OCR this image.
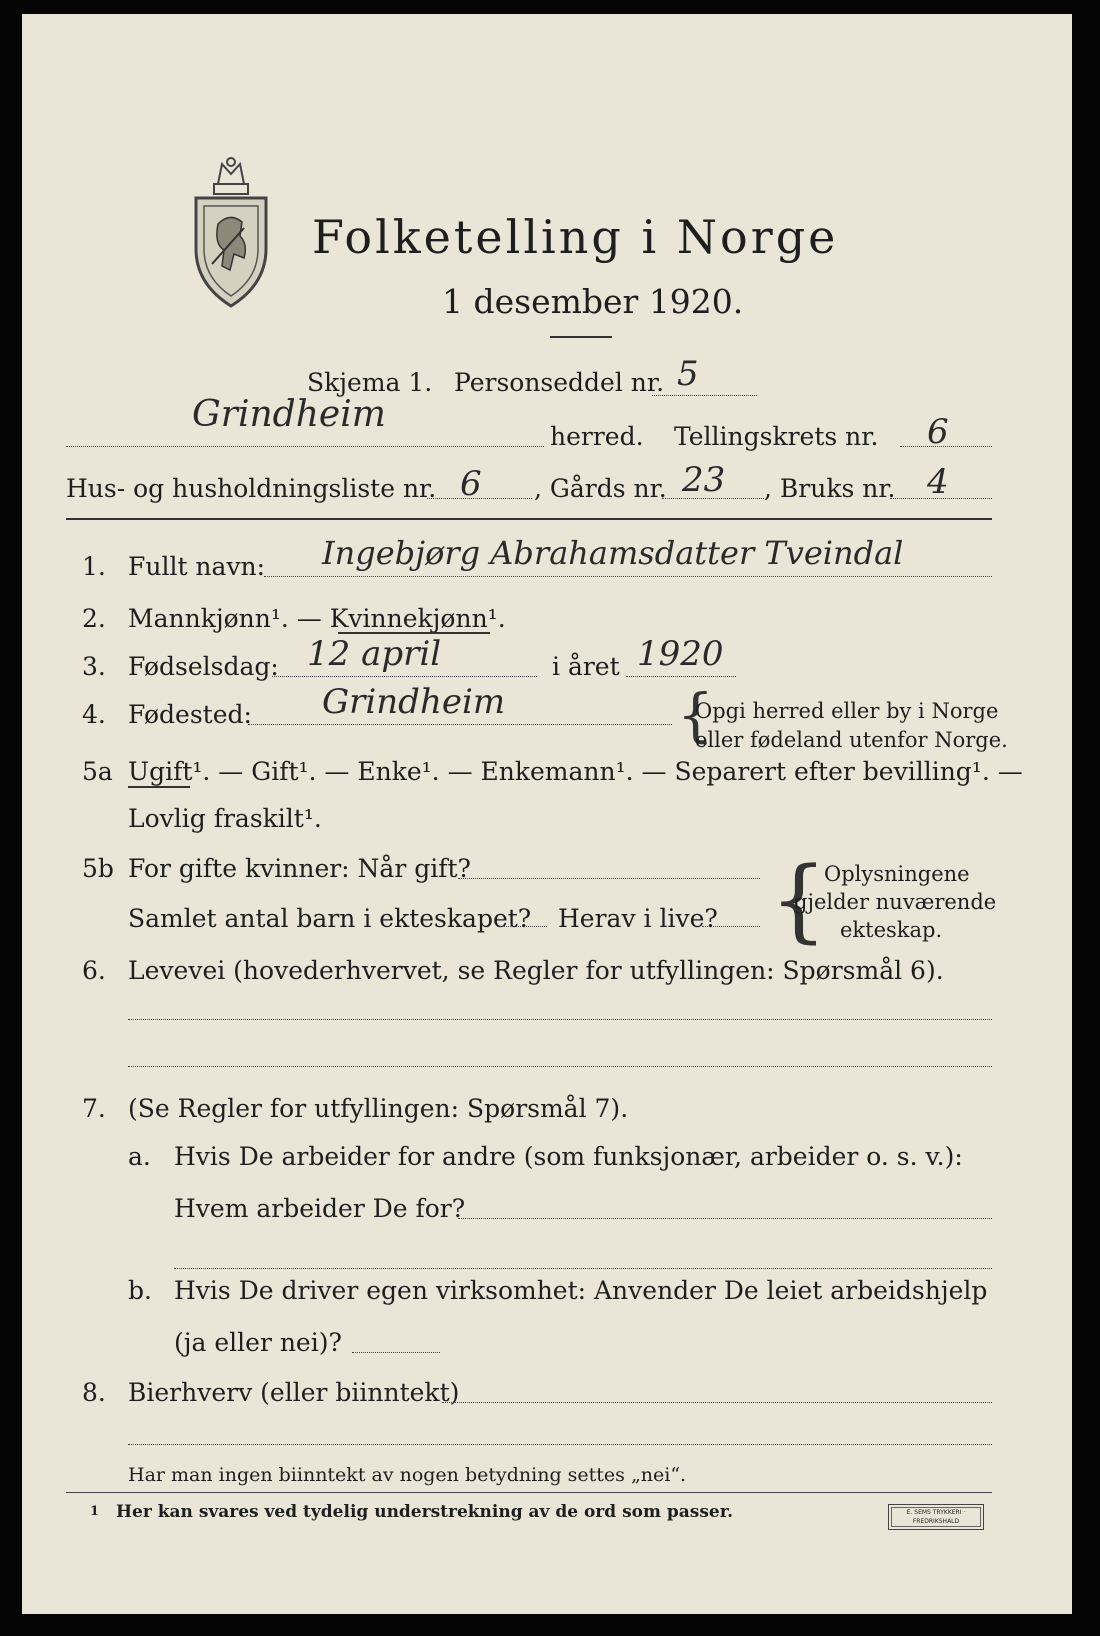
Folketelling i Norge
1 desember 1920.
Skjema 1. Personseddel nr. 5
Grindheim
herred. Tellingskrets nr. 6
Hus- og husholdningsliste nr. 6 , Gårds nr. 23 , Bruks nr. 4
1. Fullt navn: Ingebjørg Abrahamsdatter Tveindal
2. Mannkjønn¹. — Kvinnekjønn¹.
3. Fødselsdag: 12 april	i året 1920
4. Fødested: Grindheim	{
Opgi herred eller by i Norge
eller fødeland utenfor Norge.
5a Ugift¹. — Gift¹. — Enke¹. — Enkemann¹. — Separert efter bevilling¹. —
Lovlig fraskilt¹.
5b For gifte kvinner: Når gift?
Samlet antal barn i ekteskapet? Herav i live? {
Oplysningene
gjelder nuværende
ekteskap.
6. Levevei (hovederhvervet, se Regler for utfyllingen: Spørsmål 6).
7. (Se Regler for utfyllingen: Spørsmål 7).
a. Hvis De arbeider for andre (som funksjonær, arbeider o. s. v.):
Hvem arbeider De for?
b. Hvis De driver egen virksomhet: Anvender De leiet arbeidshjelp
(ja eller nei)?
8. Bierhverv (eller biinntekt)
Har man ingen biinntekt av nogen betydning settes „nei“.
1 Her kan svares ved tydelig understrekning av de ord som passer.	E. SEMS TRYKKERI · FREDRIKSHALD
